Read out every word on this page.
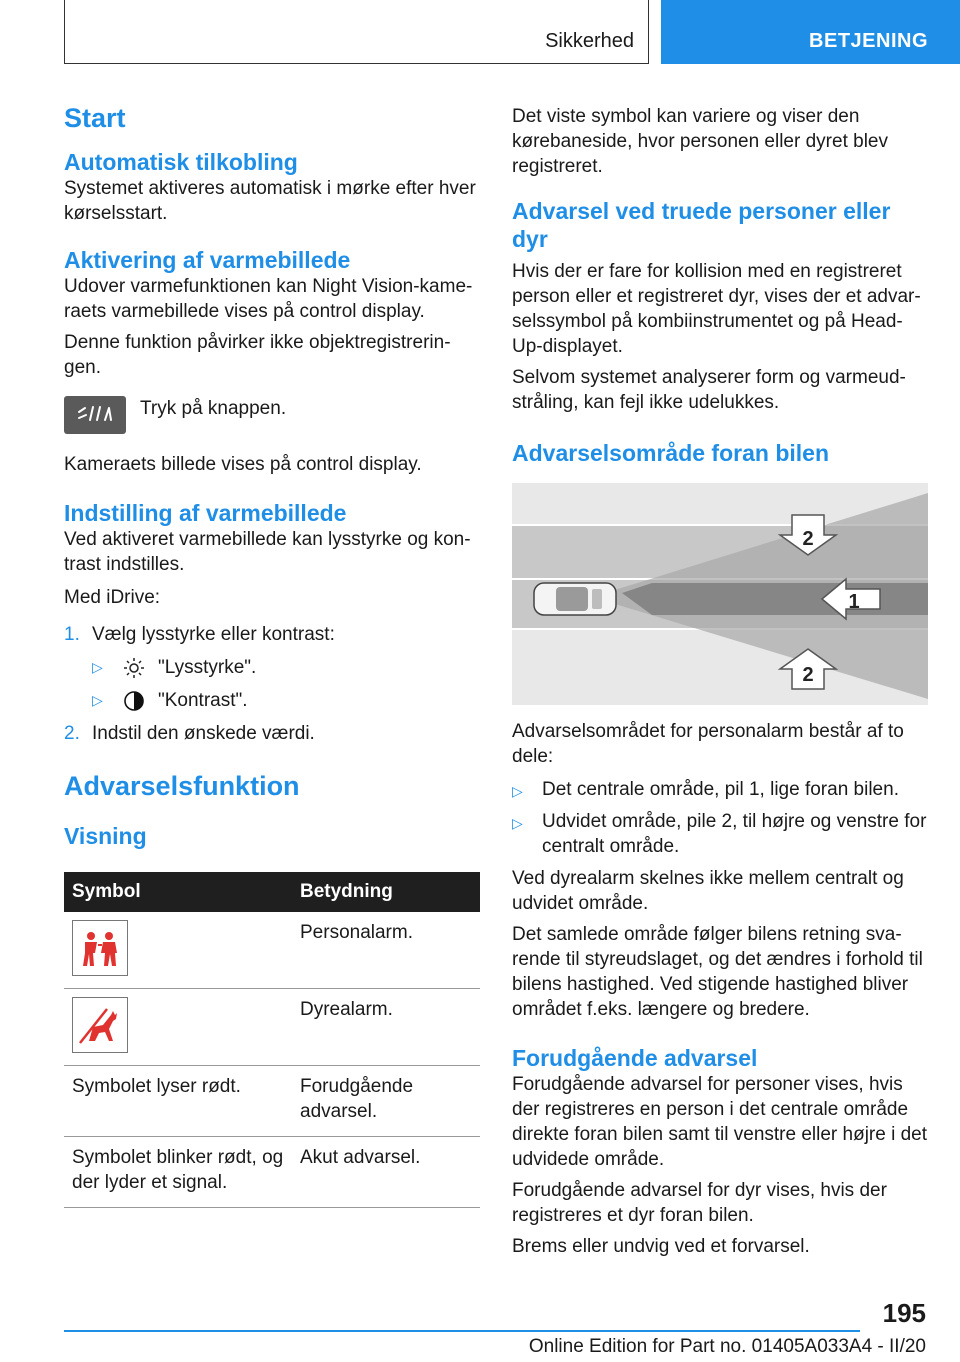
Sikkerhed	BETJENING
Start
Automatisk tilkobling

Systemet aktiveres automatisk i mørke efter hver kørselsstart.

Aktivering af varmebillede

Udover varmefunktionen kan Night Vision-kameraets varmebillede vises på control display.

Denne funktion påvirker ikke objektregistreringen.

Tryk på knappen.

Kameraets billede vises på control display.

Indstilling af varmebillede

Ved aktiveret varmebillede kan lysstyrke og kontrast indstilles.

Med iDrive:

1. Vælg lysstyrke eller kontrast:
▷	"Lysstyrke".
▷	"Kontrast".
2. Indstil den ønskede værdi.
Advarselsfunktion
Visning
Symbol	Betydning

	Personalarm.

	Dyrealarm.
Symbolet lyser rødt.	Forudgående advarsel.
Symbolet blinker rødt, og der lyder et signal.	Akut advarsel.

Det viste symbol kan variere og viser den kørebaneside, hvor personen eller dyret blev registreret.

Advarsel ved truede personer eller dyr

Hvis der er fare for kollision med en registreret person eller et registreret dyr, vises der et advarselssymbol på kombiinstrumentet og på Head-Up-displayet.

Selvom systemet analyserer form og varmeudstråling, kan fejl ikke udelukkes.

Advarselsområde foran bilen
2
1
2

Advarselsområdet for personalarm består af to dele:

▷	Det centrale område, pil 1, lige foran bilen.
▷	Udvidet område, pile 2, til højre og venstre for centralt område.

Ved dyrealarm skelnes ikke mellem centralt og udvidet område.

Det samlede område følger bilens retning svarende til styreudslaget, og det ændres i forhold til bilens hastighed. Ved stigende hastighed bliver området f.eks. længere og bredere.

Forudgående advarsel

Forudgående advarsel for personer vises, hvis der registreres en person i det centrale område direkte foran bilen samt til venstre eller højre i det udvidede område.

Forudgående advarsel for dyr vises, hvis der registreres et dyr foran bilen.

Brems eller undvig ved et forvarsel.

195
Online Edition for Part no. 01405A033A4 - II/20
